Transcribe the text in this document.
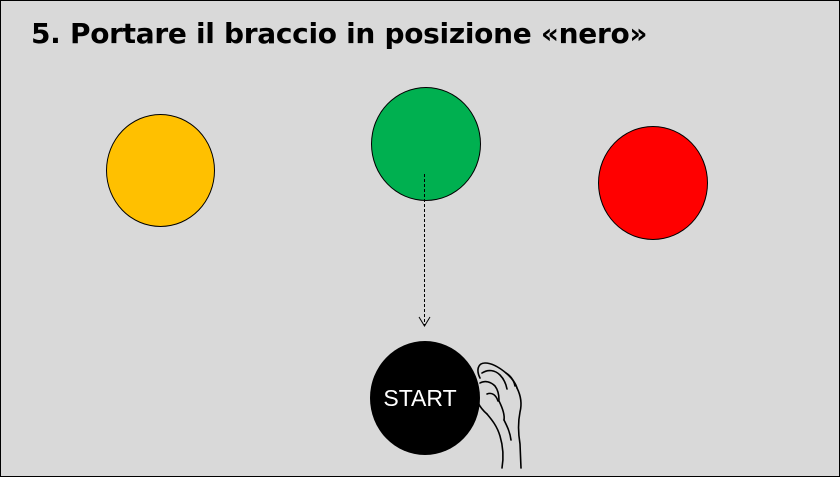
5. Portare il braccio in posizione «nero»
START
